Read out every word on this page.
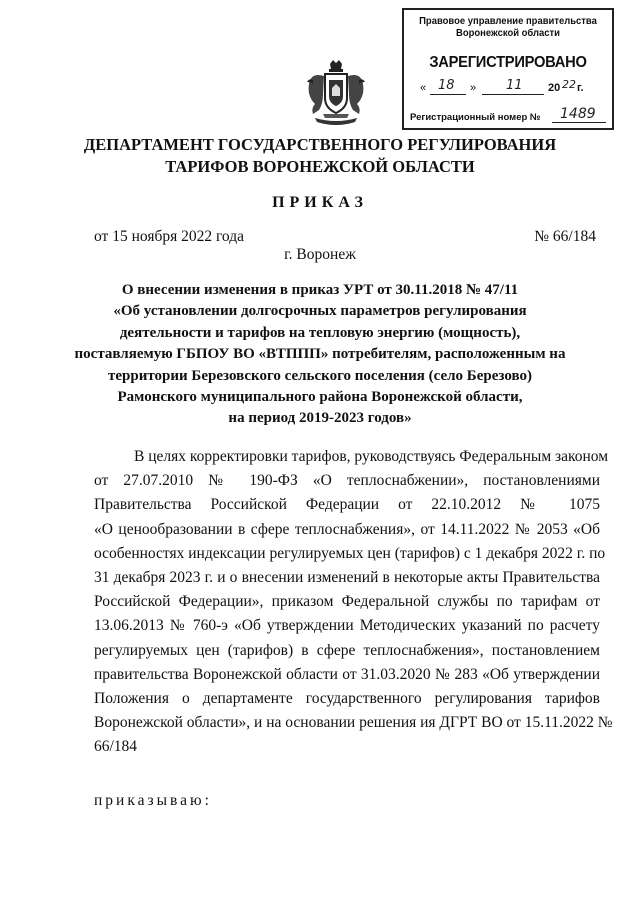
Правовое управление правительства
Воронежской области
ЗАРЕГИСТРИРОВАНО
« 18 » 11 20 22 г.
Регистрационный номер № 1489
ДЕПАРТАМЕНТ ГОСУДАРСТВЕННОГО РЕГУЛИРОВАНИЯ
ТАРИФОВ ВОРОНЕЖСКОЙ ОБЛАСТИ
ПРИКАЗ
от 15 ноября 2022 года	№ 66/184
г. Воронеж
О внесении изменения в приказ УРТ от 30.11.2018 № 47/11
«Об установлении долгосрочных параметров регулирования
деятельности и тарифов на тепловую энергию (мощность),
поставляемую ГБПОУ ВО «ВТППП» потребителям, расположенным на
территории Березовского сельского поселения (село Березово)
Рамонского муниципального района Воронежской области,
на период 2019-2023 годов»
В целях корректировки тарифов, руководствуясь Федеральным законом
от 27.07.2010 № 190-ФЗ «О теплоснабжении», постановлениями
Правительства Российской Федерации от 22.10.2012 № 1075
«О ценообразовании в сфере теплоснабжения», от 14.11.2022 № 2053 «Об
особенностях индексации регулируемых цен (тарифов) с 1 декабря 2022 г. по
31 декабря 2023 г. и о внесении изменений в некоторые акты Правительства
Российской Федерации», приказом Федеральной службы по тарифам от
13.06.2013 № 760-э «Об утверждении Методических указаний по расчету
регулируемых цен (тарифов) в сфере теплоснабжения», постановлением
правительства Воронежской области от 31.03.2020 № 283 «Об утверждении
Положения о департаменте государственного регулирования тарифов
Воронежской области», и на основании решения ия ДГРТ ВО от 15.11.2022 №
66/184
приказываю:
